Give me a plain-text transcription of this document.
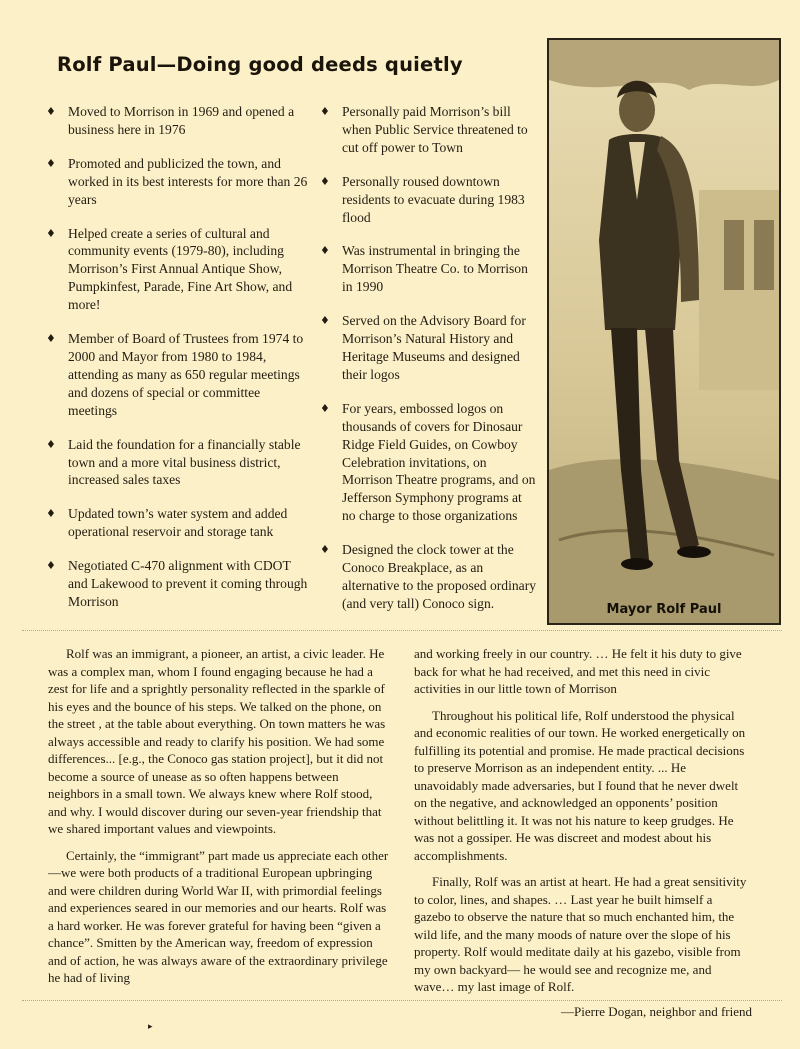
Rolf Paul—Doing good deeds quietly
♦ Moved to Morrison in 1969 and opened a business here in 1976
♦ Promoted and publicized the town, and worked in its best interests for more than 26 years
♦ Helped create a series of cultural and community events (1979-80), including Morrison’s First Annual Antique Show, Pumpkinfest, Parade, Fine Art Show, and more!
♦ Member of Board of Trustees from 1974 to 2000 and Mayor from 1980 to 1984, attending as many as 650 regular meetings and dozens of special or committee meetings
♦ Laid the foundation for a financially stable town and a more vital business district, increased sales taxes
♦ Updated town’s water system and added operational reservoir and storage tank
♦ Negotiated C-470 alignment with CDOT and Lakewood to prevent it coming through Morrison
♦ Personally paid Morrison’s bill when Public Service threatened to cut off power to Town
♦ Personally roused downtown residents to evacuate during 1983 flood
♦ Was instrumental in bringing the Morrison Theatre Co. to Morrison in 1990
♦ Served on the Advisory Board for Morrison’s Natural History and Heritage Museums and designed their logos
♦ For years, embossed logos on thousands of covers for Dinosaur Ridge Field Guides, on Cowboy Celebration invitations, on Morrison Theatre programs, and on Jefferson Symphony programs at no charge to those organizations
♦ Designed the clock tower at the Conoco Breakplace, as an alternative to the proposed ordinary (and very tall) Conoco sign.	Mayor Rolf Paul

Rolf was an immigrant, a pioneer, an artist, a civic leader. He was a complex man, whom I found engaging because he had a zest for life and a sprightly personality reflected in the sparkle of his eyes and the bounce of his steps. We talked on the phone, on the street , at the table about everything. On town matters he was always accessible and ready to clarify his position. We had some differences... [e.g., the Conoco gas station project], but it did not become a source of unease as so often happens between neighbors in a small town. We always knew where Rolf stood, and why. I would discover during our seven-year friendship that we shared important values and viewpoints.

Certainly, the “immigrant” part made us appreciate each other—we were both products of a traditional European upbringing and were children during World War II, with primordial feelings and experiences seared in our memories and our hearts. Rolf was a hard worker. He was forever grateful for having been “given a chance”. Smitten by the American way, freedom of expression and of action, he was always aware of the extraordinary privilege he had of living

and working freely in our country. … He felt it his duty to give back for what he had received, and met this need in civic activities in our little town of Morrison

Throughout his political life, Rolf understood the physical and economic realities of our town. He worked energetically on fulfilling its potential and promise. He made practical decisions to preserve Morrison as an independent entity. ... He unavoidably made adversaries, but I found that he never dwelt on the negative, and acknowledged an opponents’ position without belittling it. It was not his nature to keep grudges. He was not a gossiper. He was discreet and modest about his accomplishments.

Finally, Rolf was an artist at heart. He had a great sensitivity to color, lines, and shapes. … Last year he built himself a gazebo to observe the nature that so much enchanted him, the wild life, and the many moods of nature over the slope of his property. Rolf would meditate daily at his gazebo, visible from my own backyard— he would see and recognize me, and wave… my last image of Rolf.

—Pierre Dogan, neighbor and friend
▸
